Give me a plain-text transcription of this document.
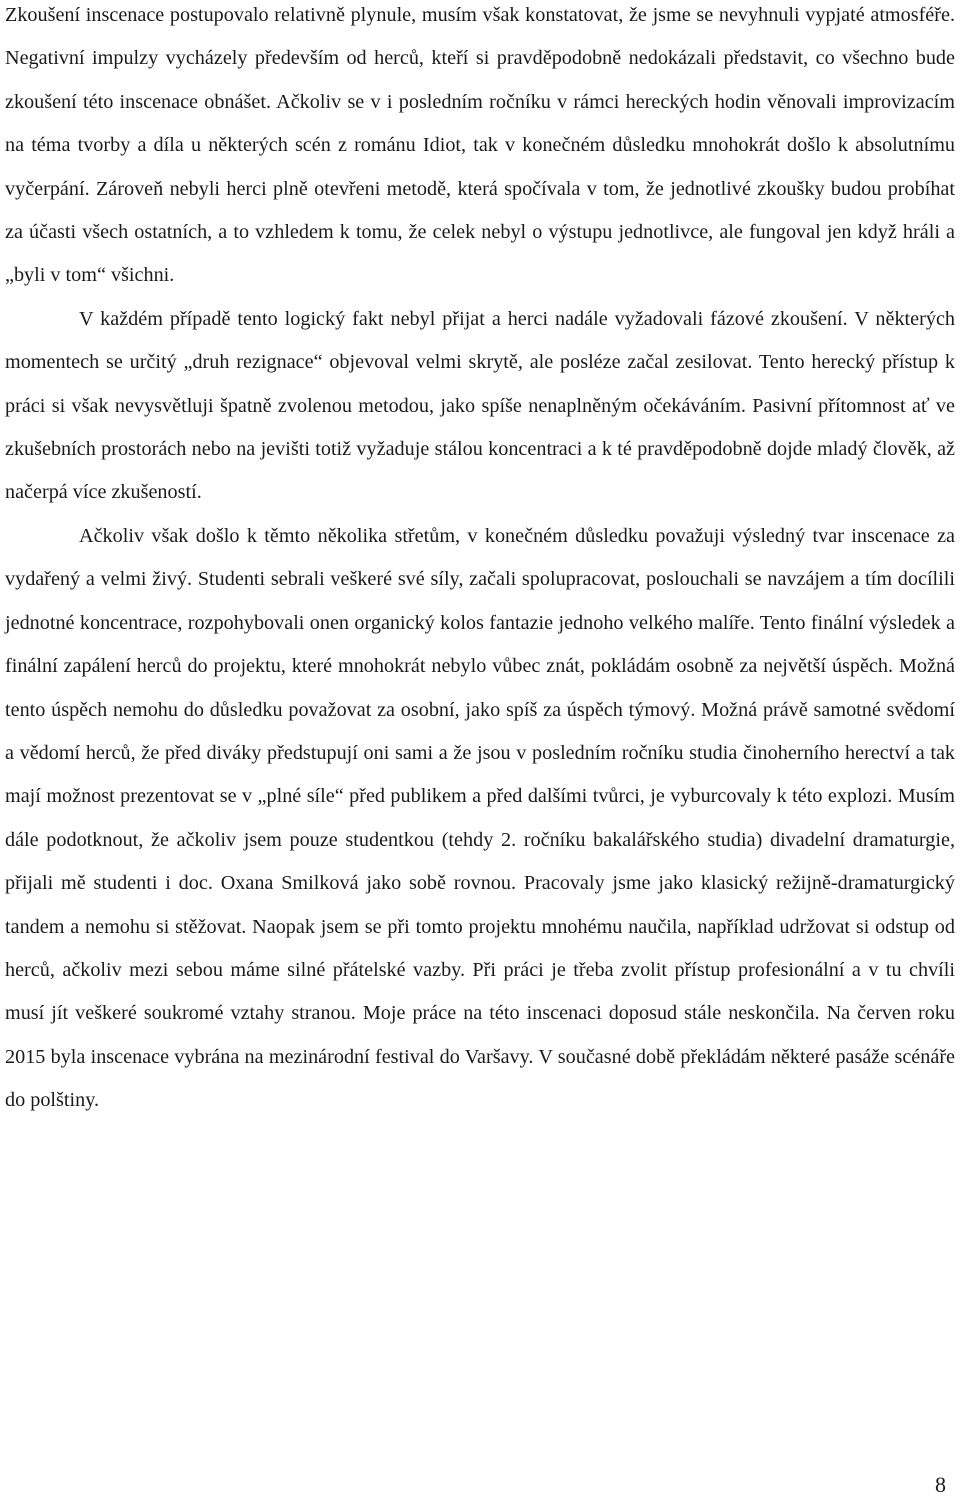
Zkoušení inscenace postupovalo relativně plynule, musím však konstatovat, že jsme se nevyhnuli vypjaté atmosféře. Negativní impulzy vycházely především od herců, kteří si pravděpodobně nedokázali představit, co všechno bude zkoušení této inscenace obnášet. Ačkoliv se v i posledním ročníku v rámci hereckých hodin věnovali improvizacím na téma tvorby a díla u některých scén z románu Idiot, tak v konečném důsledku mnohokrát došlo k absolutnímu vyčerpání. Zároveň nebyli herci plně otevřeni metodě, která spočívala v tom, že jednotlivé zkoušky budou probíhat za účasti všech ostatních, a to vzhledem k tomu, že celek nebyl o výstupu jednotlivce, ale fungoval jen když hráli a „byli v tom“ všichni.

V každém případě tento logický fakt nebyl přijat a herci nadále vyžadovali fázové zkoušení. V některých momentech se určitý „druh rezignace“ objevoval velmi skrytě, ale posléze začal zesilovat. Tento herecký přístup k práci si však nevysvětluji špatně zvolenou metodou, jako spíše nenaplněným očekáváním. Pasivní přítomnost ať ve zkušebních prostorách nebo na jevišti totiž vyžaduje stálou koncentraci a k té pravděpodobně dojde mladý člověk, až načerpá více zkušeností.

Ačkoliv však došlo k těmto několika střetům, v konečném důsledku považuji výsledný tvar inscenace za vydařený a velmi živý. Studenti sebrali veškeré své síly, začali spolupracovat, poslouchali se navzájem a tím docílili jednotné koncentrace, rozpohybovali onen organický kolos fantazie jednoho velkého malíře. Tento finální výsledek a finální zapálení herců do projektu, které mnohokrát nebylo vůbec znát, pokládám osobně za největší úspěch. Možná tento úspěch nemohu do důsledku považovat za osobní, jako spíš za úspěch týmový. Možná právě samotné svědomí a vědomí herců, že před diváky předstupují oni sami a že jsou v posledním ročníku studia činoherního herectví a tak mají možnost prezentovat se v „plné síle“ před publikem a před dalšími tvůrci, je vyburcovaly k této explozi. Musím dále podotknout, že ačkoliv jsem pouze studentkou (tehdy 2. ročníku bakalářského studia) divadelní dramaturgie, přijali mě studenti i doc. Oxana Smilková jako sobě rovnou. Pracovaly jsme jako klasický režijně-dramaturgický tandem a nemohu si stěžovat. Naopak jsem se při tomto projektu mnohému naučila, například udržovat si odstup od herců, ačkoliv mezi sebou máme silné přátelské vazby. Při práci je třeba zvolit přístup profesionální a v tu chvíli musí jít veškeré soukromé vztahy stranou. Moje práce na této inscenaci doposud stále neskončila. Na červen roku 2015 byla inscenace vybrána na mezinárodní festival do Varšavy. V současné době překládám některé pasáže scénáře do polštiny.

8
